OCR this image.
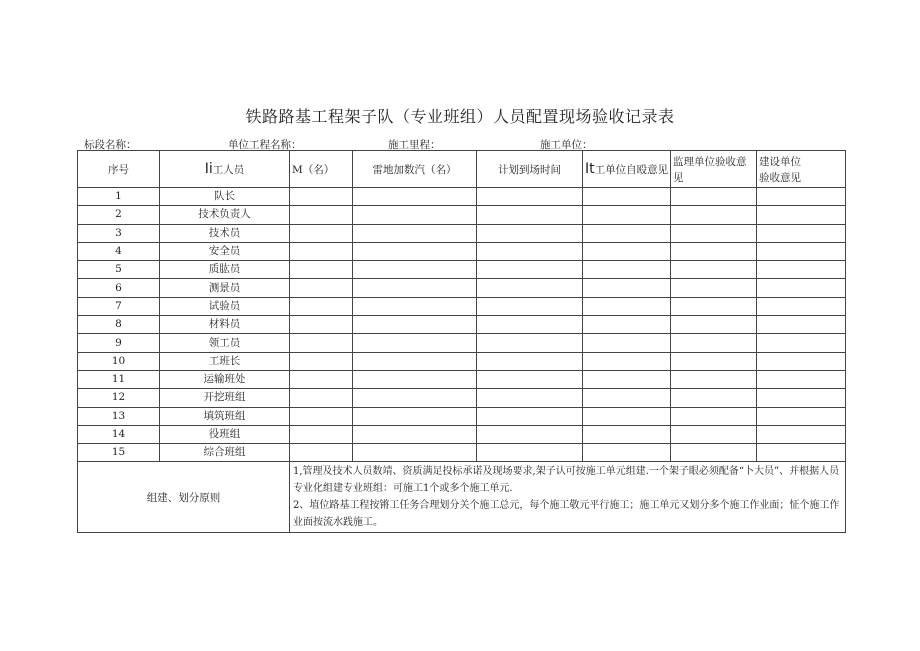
铁路路基工程架子队（专业班组）人员配置现场验收记录表
标段名称：	单位工程名称：	施工里程：	施工单位：
序号	Ii工人员	M（名）	雷地加数汽（名）	计划到场时间	It工单位自殴意见	监理单位验收意见	建设单位
验收意见

1	队长						
2	技术负责人						
3	技术员						
4	安全员						
5	质肱员						
6	测景员						
7	试验员						
8	材料员						
9	领工员						
10	工班长						
11	运输班处						
12	开挖班组						
13	填筑班组						
14	役班组						
15	综合班组						
组建、划分原则		1,管理及技术人员数靖、资质满足投标承诺及现场要求,架子认可按施工单元组建.一个架子眼必须配备“卜大员”、并根据人员专业化组建专业班组：可施工1个或多个施工单元.
2、埴位路基工程按锵工任务合理划分关个施工总元，每个施工敬元平行施工；施工单元又划分多个施工作业面；怔个施工作业面按流水践施工。					
